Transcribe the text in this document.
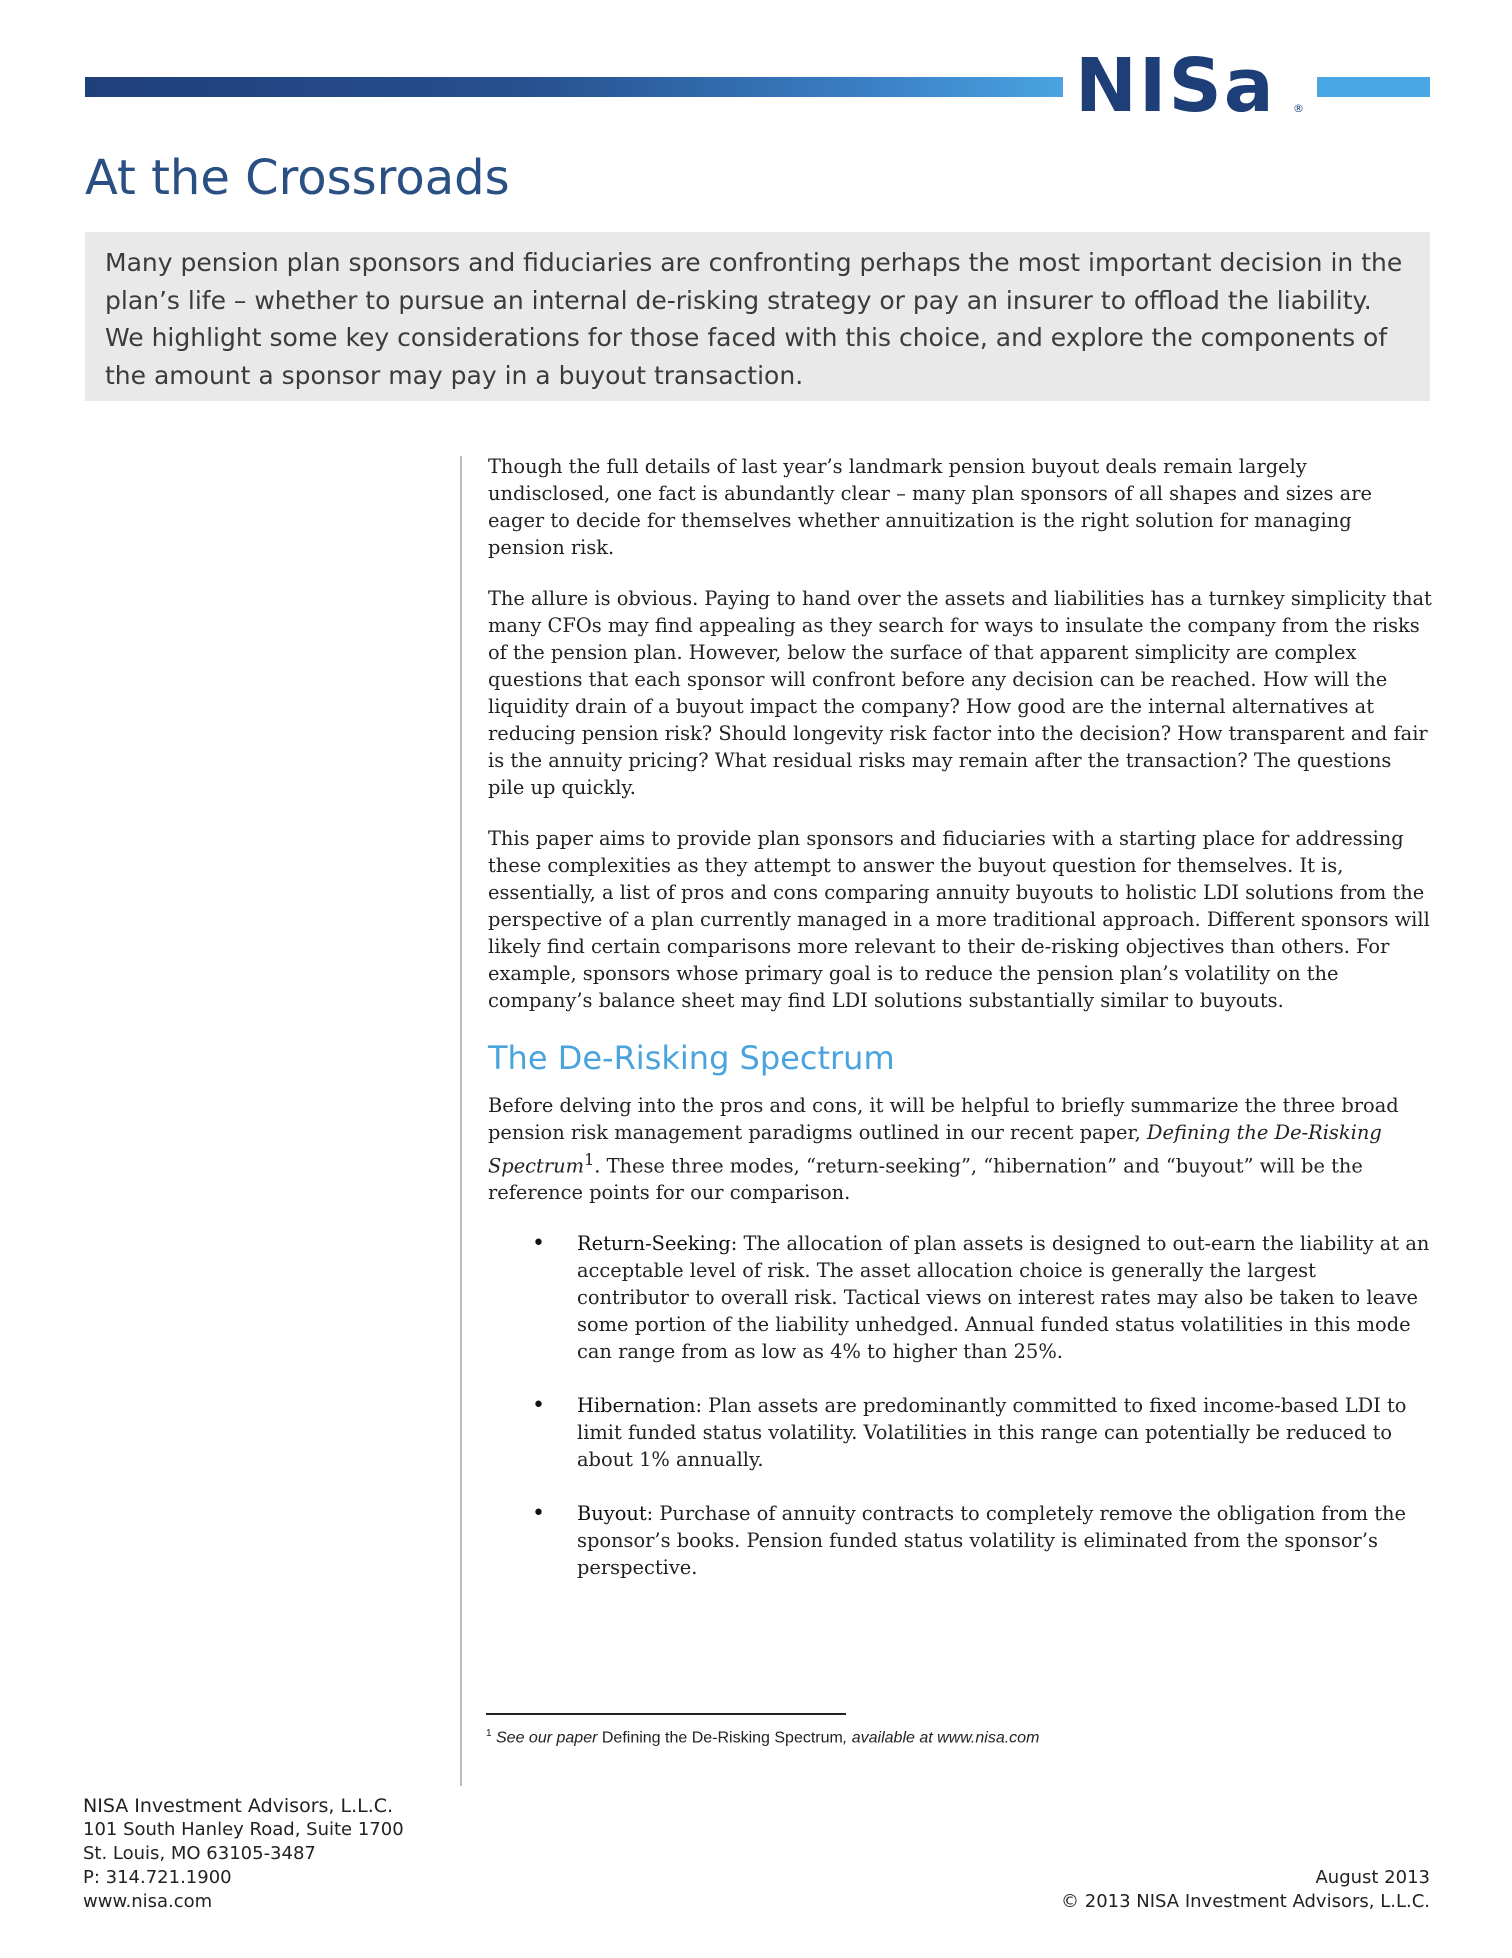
NISa ®
At the Crossroads

Many pension plan sponsors and fiduciaries are confronting perhaps the most important decision in the plan’s life – whether to pursue an internal de-risking strategy or pay an insurer to offload the liability. We highlight some key considerations for those faced with this choice, and explore the components of the amount a sponsor may pay in a buyout transaction.

Though the full details of last year’s landmark pension buyout deals remain largely undisclosed, one fact is abundantly clear – many plan sponsors of all shapes and sizes are eager to decide for themselves whether annuitization is the right solution for managing pension risk.

The allure is obvious. Paying to hand over the assets and liabilities has a turnkey simplicity that many CFOs may find appealing as they search for ways to insulate the company from the risks of the pension plan. However, below the surface of that apparent simplicity are complex questions that each sponsor will confront before any decision can be reached. How will the liquidity drain of a buyout impact the company? How good are the internal alternatives at reducing pension risk? Should longevity risk factor into the decision? How transparent and fair is the annuity pricing? What residual risks may remain after the transaction? The questions pile up quickly.

This paper aims to provide plan sponsors and fiduciaries with a starting place for addressing these complexities as they attempt to answer the buyout question for themselves. It is, essentially, a list of pros and cons comparing annuity buyouts to holistic LDI solutions from the perspective of a plan currently managed in a more traditional approach. Different sponsors will likely find certain comparisons more relevant to their de-risking objectives than others. For example, sponsors whose primary goal is to reduce the pension plan’s volatility on the company’s balance sheet may find LDI solutions substantially similar to buyouts.

The De-Risking Spectrum

Before delving into the pros and cons, it will be helpful to briefly summarize the three broad pension risk management paradigms outlined in our recent paper, Defining the De-Risking Spectrum$^1$. These three modes, “return-seeking”, “hibernation” and “buyout” will be the reference points for our comparison.

• Return-Seeking: The allocation of plan assets is designed to out-earn the liability at an acceptable level of risk. The asset allocation choice is generally the largest contributor to overall risk. Tactical views on interest rates may also be taken to leave some portion of the liability unhedged. Annual funded status volatilities in this mode can range from as low as 4% to higher than 25%.
• Hibernation: Plan assets are predominantly committed to fixed income-based LDI to limit funded status volatility. Volatilities in this range can potentially be reduced to about 1% annually.
• Buyout: Purchase of annuity contracts to completely remove the obligation from the sponsor’s books. Pension funded status volatility is eliminated from the sponsor’s perspective.
$^1$ See our paper Defining the De-Risking Spectrum, available at www.nisa.com
NISA Investment Advisors, L.L.C.
101 South Hanley Road, Suite 1700
St. Louis, MO 63105-3487
P: 314.721.1900
www.nisa.com
August 2013
© 2013 NISA Investment Advisors, L.L.C.
